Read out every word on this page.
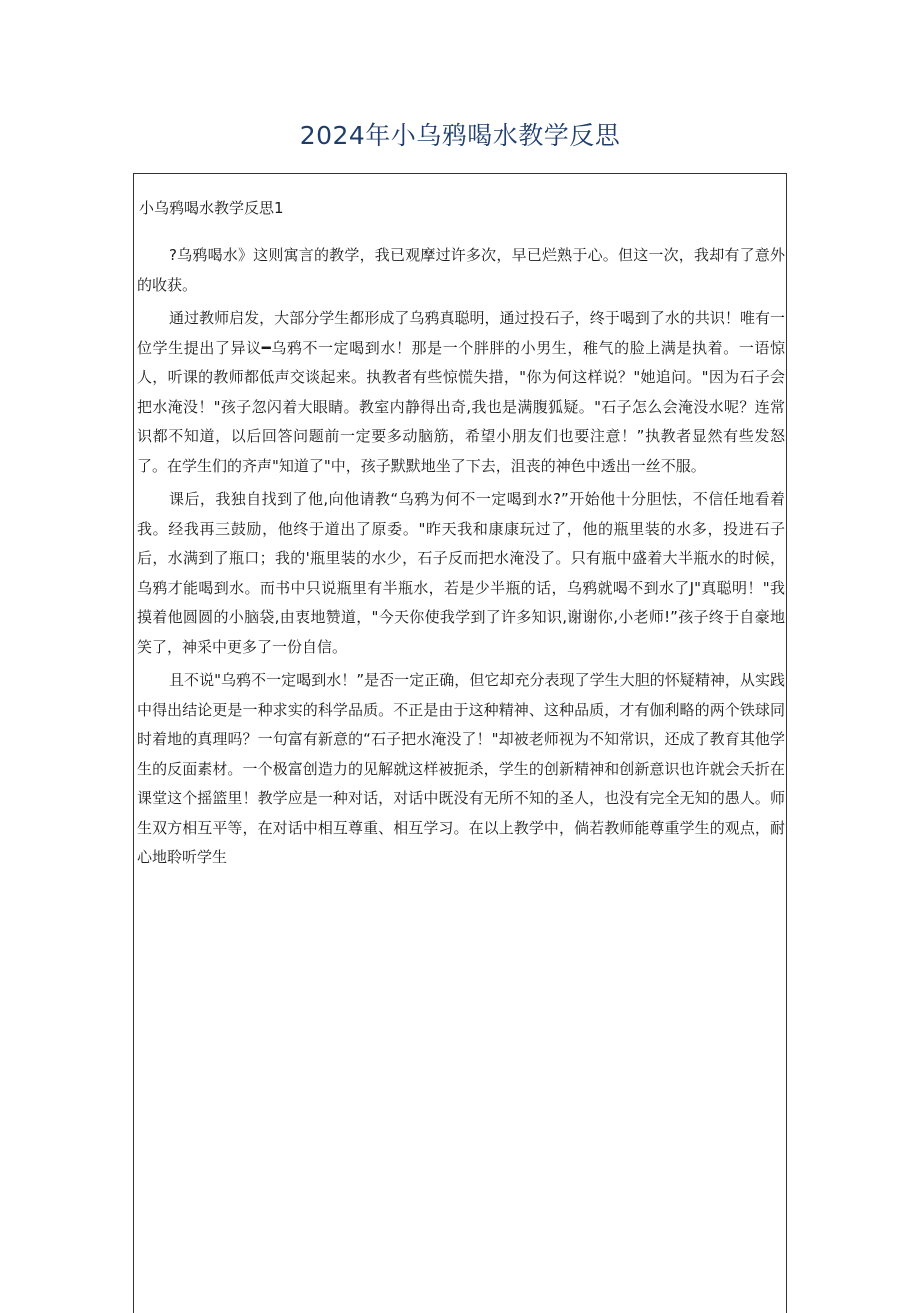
2024年小乌鸦喝水教学反思
小乌鸦喝水教学反思1

?乌鸦喝水》这则寓言的教学，我已观摩过许多次，早已烂熟于心。但这一次，我却有了意外的收获。

通过教师启发，大部分学生都形成了乌鸦真聪明，通过投石子，终于喝到了水的共识！唯有一位学生提出了异议━乌鸦不一定喝到水！那是一个胖胖的小男生，稚气的脸上满是执着。一语惊人，听课的教师都低声交谈起来。执教者有些惊慌失措，"你为何这样说？"她追问。"因为石子会把水淹没！"孩子忽闪着大眼睛。教室内静得出奇,我也是满腹狐疑。"石子怎么会淹没水呢？连常识都不知道，以后回答问题前一定要多动脑筋，希望小朋友们也要注意！”执教者显然有些发怒了。在学生们的齐声"知道了"中，孩子默默地坐了下去，沮丧的神色中透出一丝不服。

课后，我独自找到了他,向他请教“乌鸦为何不一定喝到水?”开始他十分胆怯，不信任地看着我。经我再三鼓励，他终于道出了原委。"昨天我和康康玩过了，他的瓶里装的水多，投进石子后，水满到了瓶口；我的'瓶里装的水少，石子反而把水淹没了。只有瓶中盛着大半瓶水的时候，乌鸦才能喝到水。而书中只说瓶里有半瓶水，若是少半瓶的话，乌鸦就喝不到水了J"真聪明！"我摸着他圆圆的小脑袋,由衷地赞道，"今天你使我学到了许多知识,谢谢你,小老师!”孩子终于自豪地笑了，神采中更多了一份自信。

且不说"乌鸦不一定喝到水！”是否一定正确，但它却充分表现了学生大胆的怀疑精神，从实践中得出结论更是一种求实的科学品质。不正是由于这种精神、这种品质，才有伽利略的两个铁球同时着地的真理吗？一句富有新意的“石子把水淹没了！"却被老师视为不知常识，还成了教育其他学生的反面素材。一个极富创造力的见解就这样被扼杀，学生的创新精神和创新意识也许就会夭折在课堂这个摇篮里！教学应是一种对话，对话中既没有无所不知的圣人，也没有完全无知的愚人。师生双方相互平等，在对话中相互尊重、相互学习。在以上教学中，倘若教师能尊重学生的观点，耐心地聆听学生
